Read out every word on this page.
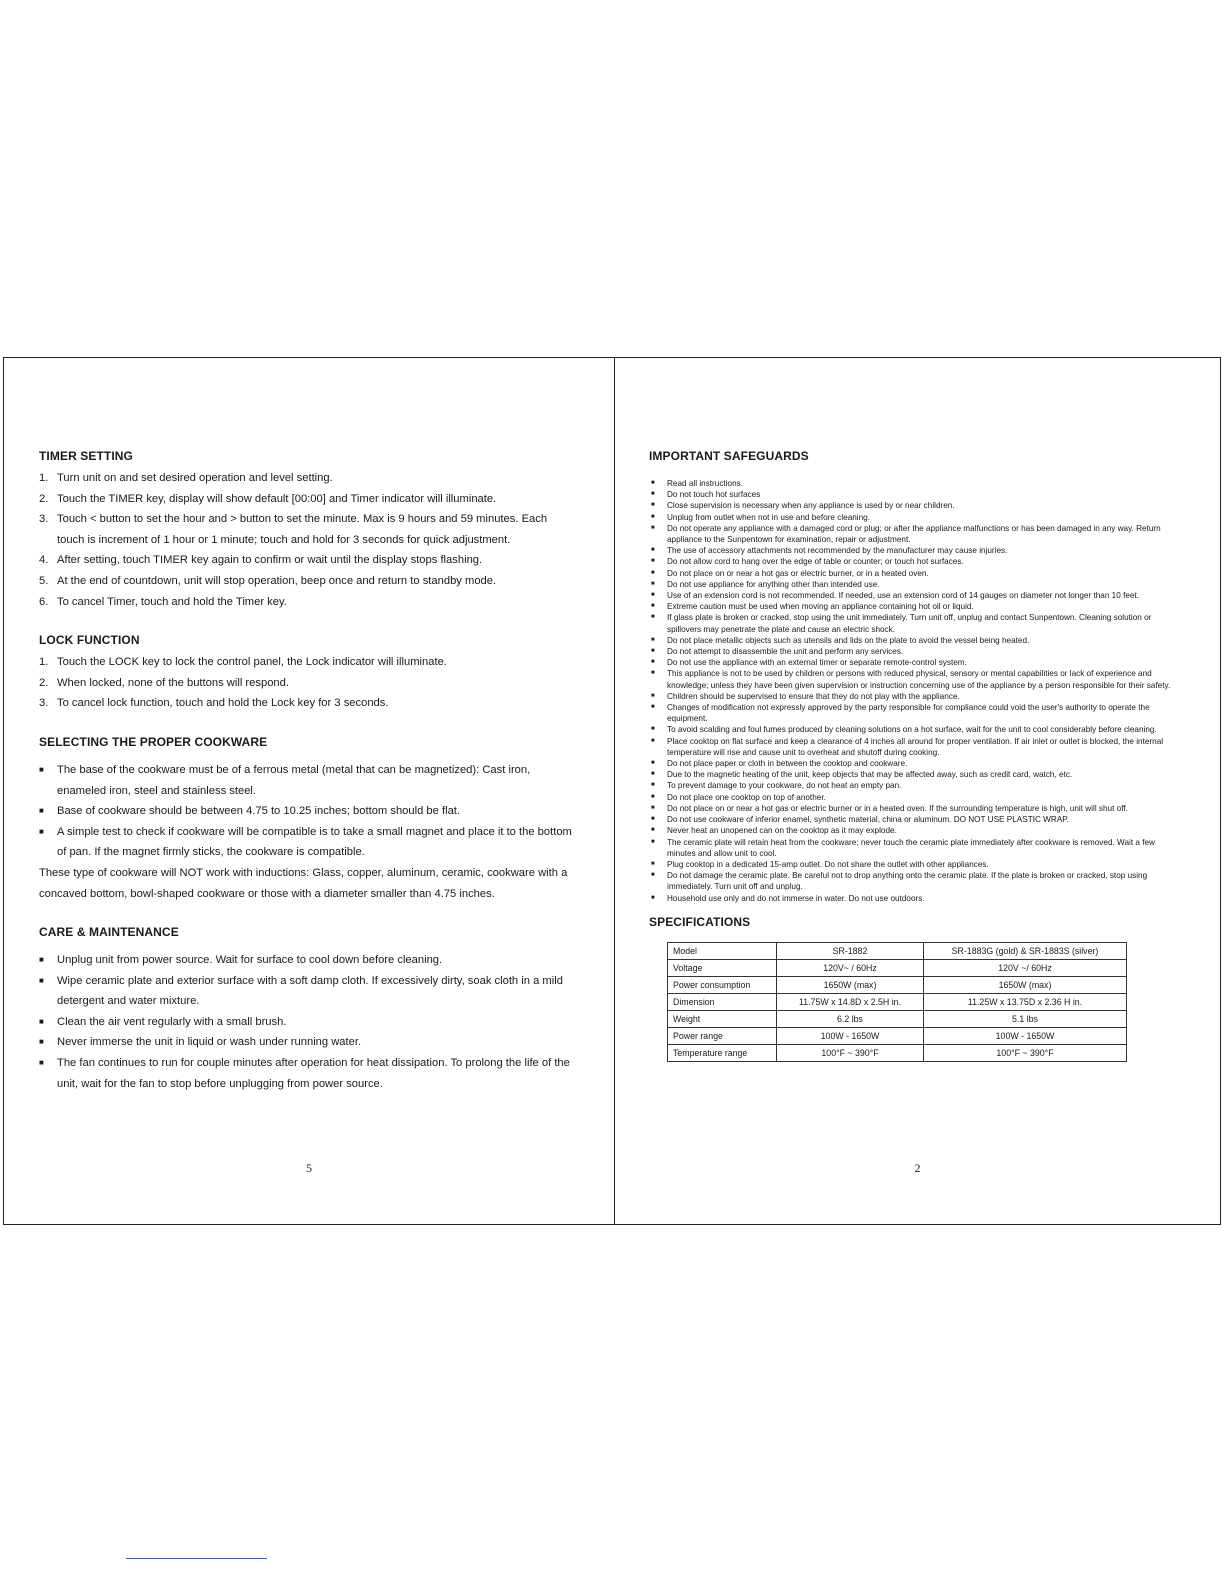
TIMER SETTING
1. Turn unit on and set desired operation and level setting.
2. Touch the TIMER key, display will show default [00:00] and Timer indicator will illuminate.
3. Touch < button to set the hour and > button to set the minute. Max is 9 hours and 59 minutes. Each touch is increment of 1 hour or 1 minute; touch and hold for 3 seconds for quick adjustment.
4. After setting, touch TIMER key again to confirm or wait until the display stops flashing.
5. At the end of countdown, unit will stop operation, beep once and return to standby mode.
6. To cancel Timer, touch and hold the Timer key.
LOCK FUNCTION
1. Touch the LOCK key to lock the control panel, the Lock indicator will illuminate.
2. When locked, none of the buttons will respond.
3. To cancel lock function, touch and hold the Lock key for 3 seconds.
SELECTING THE PROPER COOKWARE
■ The base of the cookware must be of a ferrous metal (metal that can be magnetized): Cast iron, enameled iron, steel and stainless steel.
■ Base of cookware should be between 4.75 to 10.25 inches; bottom should be flat.
■ A simple test to check if cookware will be compatible is to take a small magnet and place it to the bottom of pan. If the magnet firmly sticks, the cookware is compatible.

These type of cookware will NOT work with inductions: Glass, copper, aluminum, ceramic, cookware with a concaved bottom, bowl-shaped cookware or those with a diameter smaller than 4.75 inches.

CARE & MAINTENANCE
■ Unplug unit from power source. Wait for surface to cool down before cleaning.
■ Wipe ceramic plate and exterior surface with a soft damp cloth. If excessively dirty, soak cloth in a mild detergent and water mixture.
■ Clean the air vent regularly with a small brush.
■ Never immerse the unit in liquid or wash under running water.
■ The fan continues to run for couple minutes after operation for heat dissipation. To prolong the life of the unit, wait for the fan to stop before unplugging from power source.
5
IMPORTANT SAFEGUARDS
■ Read all instructions.
■ Do not touch hot surfaces
■ Close supervision is necessary when any appliance is used by or near children.
■ Unplug from outlet when not in use and before cleaning.
■ Do not operate any appliance with a damaged cord or plug; or after the appliance malfunctions or has been damaged in any way. Return appliance to the Sunpentown for examination, repair or adjustment.
■ The use of accessory attachments not recommended by the manufacturer may cause injuries.
■ Do not allow cord to hang over the edge of table or counter; or touch hot surfaces.
■ Do not place on or near a hot gas or electric burner, or in a heated oven.
■ Do not use appliance for anything other than intended use.
■ Use of an extension cord is not recommended. If needed, use an extension cord of 14 gauges on diameter not longer than 10 feet.
■ Extreme caution must be used when moving an appliance containing hot oil or liquid.
■ If glass plate is broken or cracked, stop using the unit immediately. Turn unit off, unplug and contact Sunpentown. Cleaning solution or spillovers may penetrate the plate and cause an electric shock.
■ Do not place metallic objects such as utensils and lids on the plate to avoid the vessel being heated.
■ Do not attempt to disassemble the unit and perform any services.
■ Do not use the appliance with an external timer or separate remote-control system.
■ This appliance is not to be used by children or persons with reduced physical, sensory or mental capabilities or lack of experience and knowledge; unless they have been given supervision or instruction concerning use of the appliance by a person responsible for their safety.
■ Children should be supervised to ensure that they do not play with the appliance.
■ Changes of modification not expressly approved by the party responsible for compliance could void the user's authority to operate the equipment.
■ To avoid scalding and foul fumes produced by cleaning solutions on a hot surface, wait for the unit to cool considerably before cleaning.
■ Place cooktop on flat surface and keep a clearance of 4 inches all around for proper ventilation. If air inlet or outlet is blocked, the internal temperature will rise and cause unit to overheat and shutoff during cooking.
■ Do not place paper or cloth in between the cooktop and cookware.
■ Due to the magnetic heating of the unit, keep objects that may be affected away, such as credit card, watch, etc.
■ To prevent damage to your cookware, do not heat an empty pan.
■ Do not place one cooktop on top of another.
■ Do not place on or near a hot gas or electric burner or in a heated oven. If the surrounding temperature is high, unit will shut off.
■ Do not use cookware of inferior enamel, synthetic material, china or aluminum. DO NOT USE PLASTIC WRAP.
■ Never heat an unopened can on the cooktop as it may explode.
■ The ceramic plate will retain heat from the cookware; never touch the ceramic plate immediately after cookware is removed. Wait a few minutes and allow unit to cool.
■ Plug cooktop in a dedicated 15-amp outlet. Do not share the outlet with other appliances.
■ Do not damage the ceramic plate. Be careful not to drop anything onto the ceramic plate. If the plate is broken or cracked, stop using immediately. Turn unit off and unplug.
■ Household use only and do not immerse in water. Do not use outdoors.
SPECIFICATIONS
Model	SR-1882	SR-1883G (gold) & SR-1883S (silver)
Voltage	120V~ / 60Hz	120V ~/ 60Hz
Power consumption	1650W (max)	1650W (max)
Dimension	11.75W x 14.8D x 2.5H in.	11.25W x 13.75D x 2.36 H in.
Weight	6.2 lbs	5.1 lbs
Power range	100W - 1650W	100W - 1650W
Temperature range	100°F ~ 390°F	100°F ~ 390°F
2
